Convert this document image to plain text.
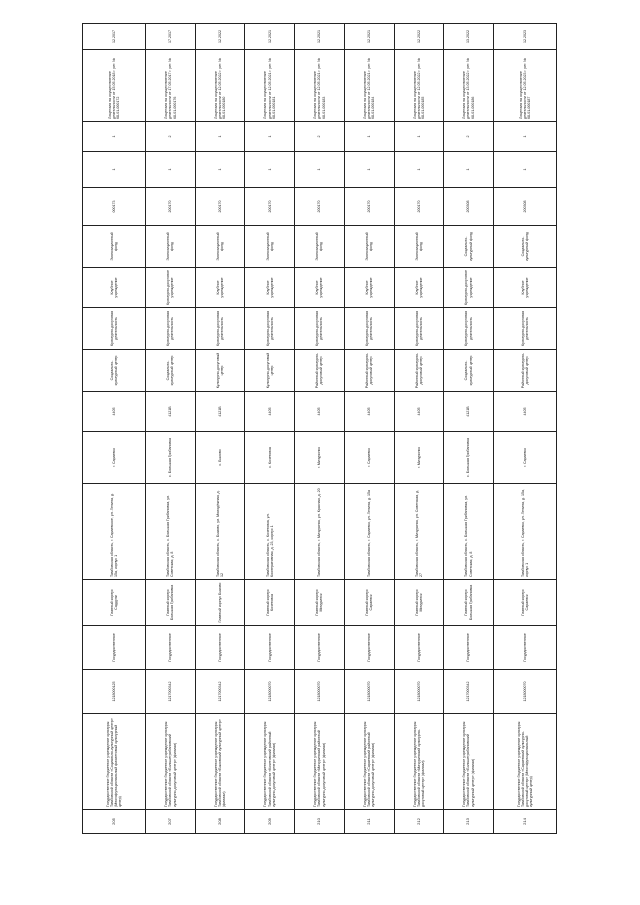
205	Государственное бюджетное учреждение культуры Тамбовской области «Социально-культурный центр» (Многофункциональный фиолетовый культурный центр)	1218000125	Государственное	Главный корпус Саддуни	Тамбовская область, г. Сараевское, ул. Ленина, д. 15а, корпус 1	г. Сараевск	4405	Социально-культурный центр	Культурно-досуговая деятельность	Клубное учреждение	Экспозиционный фонд	000173	1	1	Лицензия на осуществление деятельности от 15.05.2018 г. рег. № 68-01-000172	12.2017
207	Государственное бюджетное учреждение культуры Тамбовской области «Большегрибановский культурно-досуговый центр» (филиал)	1217000342	Государственное	Главный корпус Большая Грибановка	Тамбовская область, с. Большая Грибановка, ул. Советская, д. 8	с. Большая Грибановка	4121В	Социально-культурный центр	Культурно-досуговая деятельность	Культурно-досуговое учреждение	Экспозиционный фонд	200170	1	2	Лицензия на осуществление деятельности от 17.05.2017 г. рег. № 68-01-000176	17.2017
208	Государственное бюджетное учреждение культуры Тамбовской области «Быковский культурный центр» (филиал)	1217000342	Государственное	Главный корпус Быково	Тамбовская область, с. Быково, ул. Молодёжная, д. 12	с. Быково	4121В	Культурно-досуговый центр	Культурно-досуговая деятельность	Клубное учреждение	Экспозиционный фонд	200170	1	1	Лицензия на осуществление деятельности от 12.05.2022 г. рег. № 68-01-000180	12.2022
209	Государственное бюджетное учреждение культуры Тамбовской области «Кочетовский районный культурно-досуговый центр» (филиал)	1218000070	Государственное	Главный корпус Кочетовка	Тамбовская область, с. Кочетовка, ул. Кооперативная, д. 23, корпус 1	с. Кочетовка	4405	Культурно-досуговый центр	Культурно-досуговая деятельность	Клубное учреждение	Экспозиционный фонд	200170	1	1	Лицензия на осуществление деятельности от 12.05.2021 г. рег. № 68-01-000181	12.2021
210	Государственное бюджетное учреждение культуры Тамбовской области «Мичуринский районный культурно-досуговый центр» (филиал)	1218000070	Государственное	Главный корпус Мичуринск	Тамбовская область, г. Мичуринск, ул. Красная, д. 20	г. Мичуринск	4405	Районный культурно-досуговый центр	Культурно-досуговая деятельность	Клубное учреждение	Экспозиционный фонд	200170	1	2	Лицензия на осуществление деятельности от 12.05.2021 г. рег. № 68-01-000183	12.2021
211	Государственное бюджетное учреждение культуры Тамбовской области «Сараевский районный культурно-досуговый центр» (филиал)	1218000070	Государственное	Главный корпус Сараевск	Тамбовская область, г. Сараевск, ул. Ленина, д. 15а	г. Сараевск	4405	Районный культурно-досуговый центр	Культурно-досуговая деятельность	Клубное учреждение	Экспозиционный фонд	200170	1	1	Лицензия на осуществление деятельности от 12.05.2021 г. рег. № 68-01-000184	12.2021
212	Государственное бюджетное учреждение культуры Тамбовской области «Мичуринский культурно-досуговый центр» (филиал)	1218000070	Государственное	Главный корпус Мичуринск	Тамбовская область, г. Мичуринск, ул. Советская, д. 27	г. Мичуринск	4405	Районный культурно-досуговый центр	Культурно-досуговая деятельность	Клубное учреждение	Экспозиционный фонд	200170	1	1	Лицензия на осуществление деятельности от 12.05.2022 г. рег. № 68-01-000185	12.2022
213	Государственное бюджетное учреждение культуры Тамбовской области «Большегрибановский культурный центр» (филиал)	1217000342	Государственное	Главный корпус Большая Грибановка	Тамбовская область, с. Большая Грибановка, ул. Советская, д. 8	с. Большая Грибановка	4121В	Социально-культурный центр	Культурно-досуговая деятельность	Культурно-досуговое учреждение	Социально-культурный фонд	200308	1	2	Лицензия на осуществление деятельности от 13.05.2022 г. рег. № 68-01-000186	13.2022
214	Государственное бюджетное учреждение культуры Тамбовской области «Сараевский культурно-досуговый центр» (Многофункциональный культурный центр)	1218000070	Государственное	Главный корпус Сараевск	Тамбовская область, г. Сараевск, ул. Ленина, д. 15а, корпус 1	г. Сараевск	4405	Районный культурно-досуговый центр	Культурно-досуговая деятельность	Клубное учреждение	Социально-культурный фонд	200308	1	1	Лицензия на осуществление деятельности от 12.05.2023 г. рег. № 68-01-000187	12.2023
